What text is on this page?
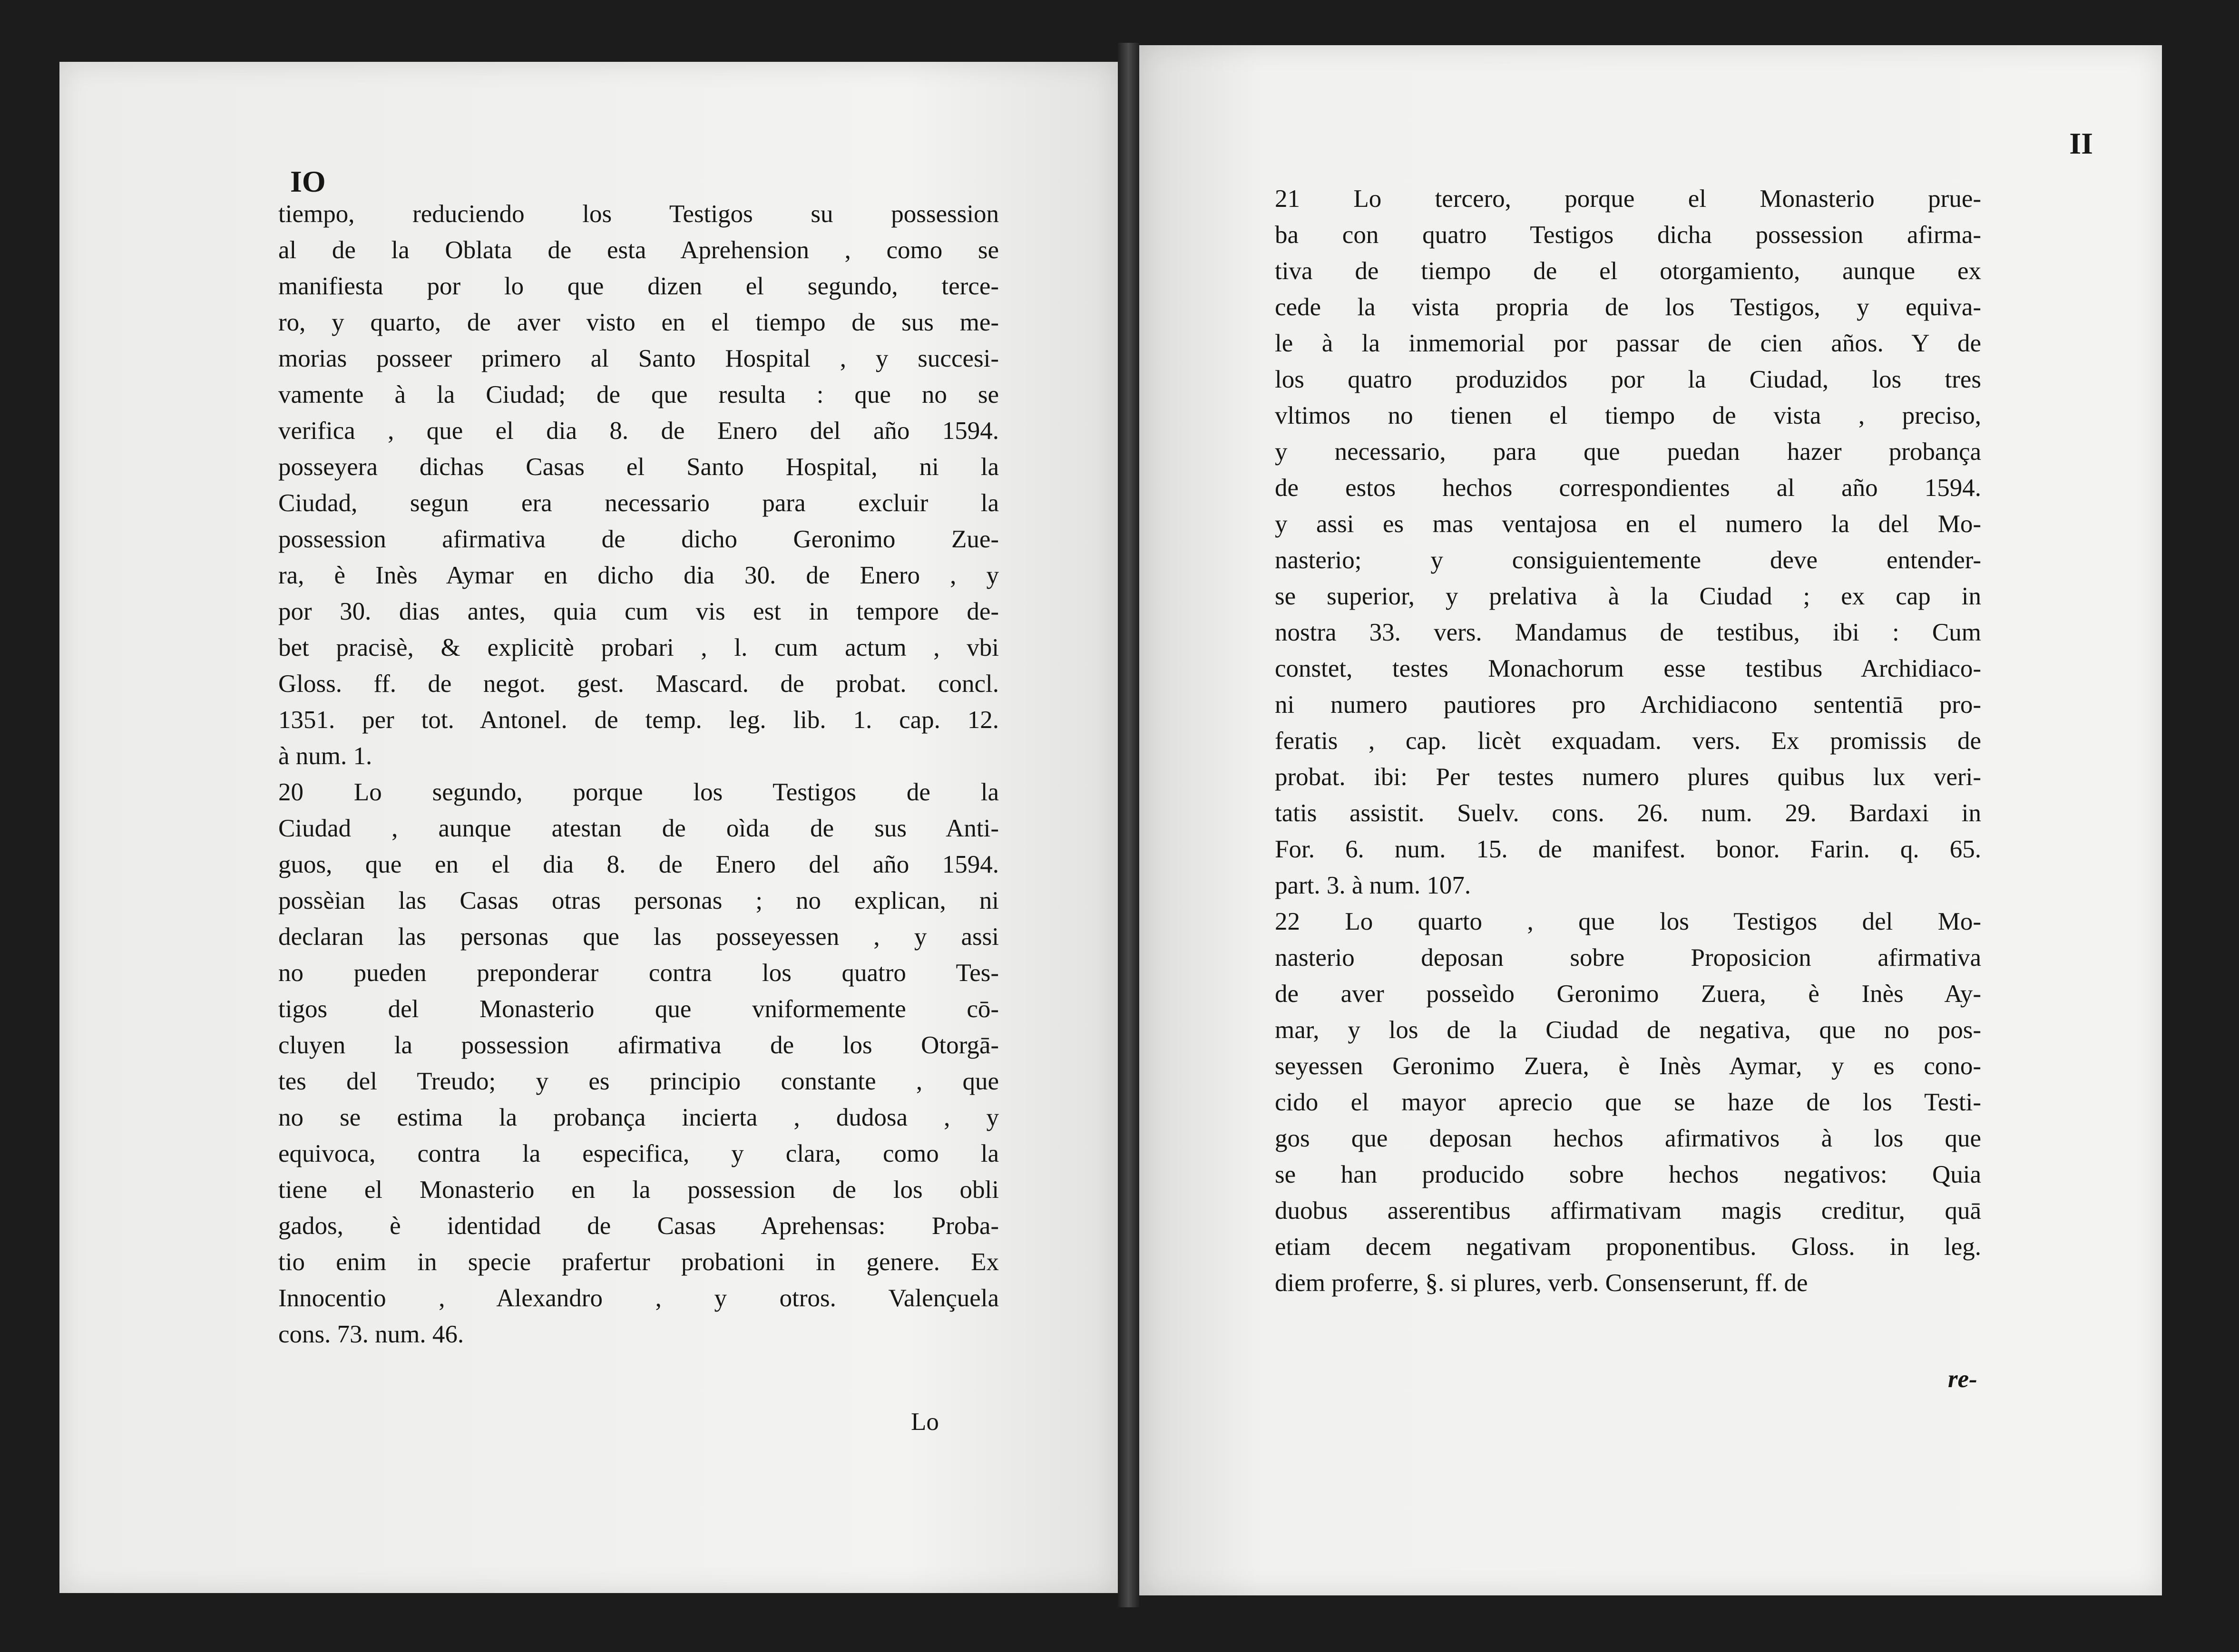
IO
tiempo, reduciendo los Testigos su possession
al de la Oblata de esta Aprehension , como se
manifiesta por lo que dizen el segundo, terce-
ro, y quarto, de aver visto en el tiempo de sus me-
morias posseer primero al Santo Hospital , y succesi-
vamente à la Ciudad; de que resulta : que no se
verifica , que el dia 8. de Enero del año 1594.
posseyera dichas Casas el Santo Hospital, ni la
Ciudad, segun era necessario para excluir la
possession afirmativa de dicho Geronimo Zue-
ra, è Inès Aymar en dicho dia 30. de Enero , y
por 30. dias antes, quia cum vis est in tempore de-
bet pracisè, & explicitè probari , l. cum actum , vbi
Gloss. ff. de negot. gest. Mascard. de probat. concl.
1351. per tot. Antonel. de temp. leg. lib. 1. cap. 12.
à num. 1.
20 Lo segundo, porque los Testigos de la
Ciudad , aunque atestan de oìda de sus Anti-
guos, que en el dia 8. de Enero del año 1594.
possèian las Casas otras personas ; no explican, ni
declaran las personas que las posseyessen , y assi
no pueden preponderar contra los quatro Tes-
tigos del Monasterio que vniformemente cō-
cluyen la possession afirmativa de los Otorgā-
tes del Treudo; y es principio constante , que
no se estima la probança incierta , dudosa , y
equivoca, contra la especifica, y clara, como la
tiene el Monasterio en la possession de los obli
gados, è identidad de Casas Aprehensas: Proba-
tio enim in specie prafertur probationi in genere. Ex
Innocentio , Alexandro , y otros. Valençuela
cons. 73. num. 46.
Lo
II
21 Lo tercero, porque el Monasterio prue-
ba con quatro Testigos dicha possession afirma-
tiva de tiempo de el otorgamiento, aunque ex
cede la vista propria de los Testigos, y equiva-
le à la inmemorial por passar de cien años. Y de
los quatro produzidos por la Ciudad, los tres
vltimos no tienen el tiempo de vista , preciso,
y necessario, para que puedan hazer probança
de estos hechos correspondientes al año 1594.
y assi es mas ventajosa en el numero la del Mo-
nasterio; y consiguientemente deve entender-
se superior, y prelativa à la Ciudad ; ex cap in
nostra 33. vers. Mandamus de testibus, ibi : Cum
constet, testes Monachorum esse testibus Archidiaco-
ni numero pautiores pro Archidiacono sententiā pro-
feratis , cap. licèt exquadam. vers. Ex promissis de
probat. ibi: Per testes numero plures quibus lux veri-
tatis assistit. Suelv. cons. 26. num. 29. Bardaxi in
For. 6. num. 15. de manifest. bonor. Farin. q. 65.
part. 3. à num. 107.
22 Lo quarto , que los Testigos del Mo-
nasterio deposan sobre Proposicion afirmativa
de aver posseìdo Geronimo Zuera, è Inès Ay-
mar, y los de la Ciudad de negativa, que no pos-
seyessen Geronimo Zuera, è Inès Aymar, y es cono-
cido el mayor aprecio que se haze de los Testi-
gos que deposan hechos afirmativos à los que
se han producido sobre hechos negativos: Quia
duobus asserentibus affirmativam magis creditur, quā
etiam decem negativam proponentibus. Gloss. in leg.
diem proferre, §. si plures, verb. Consenserunt, ff. de
re-
